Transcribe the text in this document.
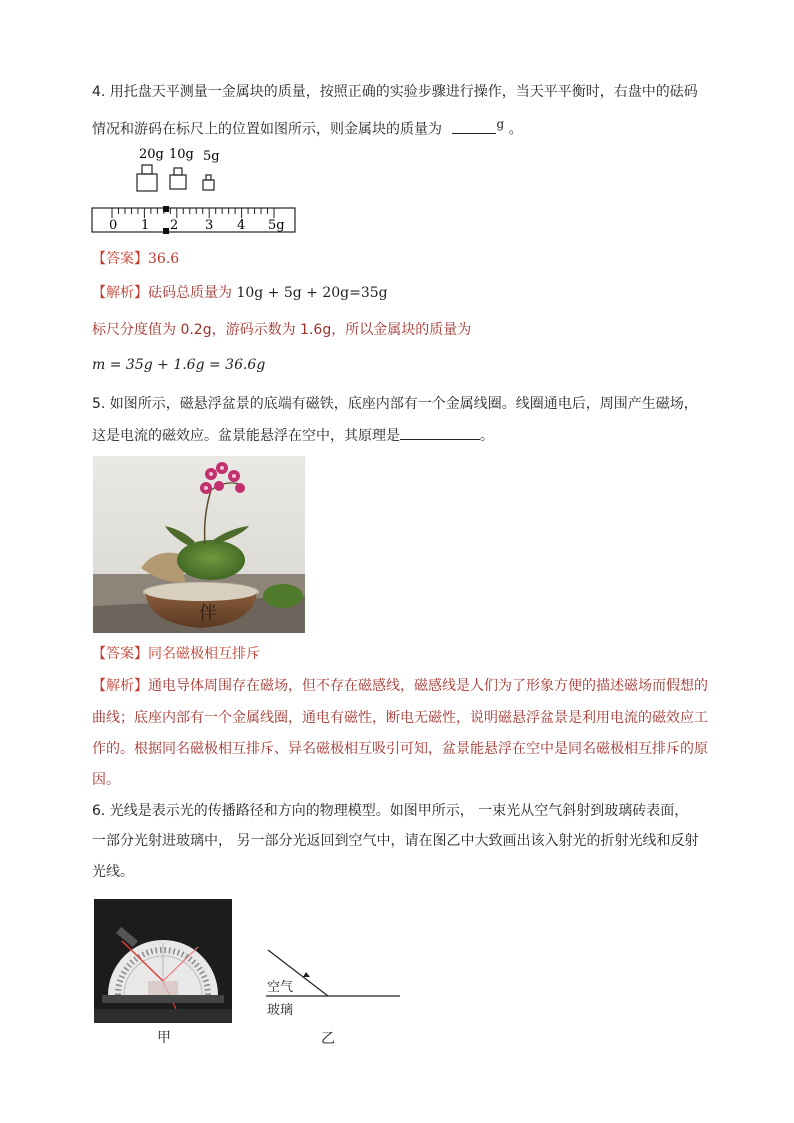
4. 用托盘天平测量一金属块的质量，按照正确的实验步骤进行操作，当天平平衡时，右盘中的砝码
情况和游码在标尺上的位置如图所示，则金属块的质量为	g 。
20g 10g 5g
0 1 2 3 4 5g
【答案】36.6
【解析】砝码总质量为 10g + 5g + 20g=35g
标尺分度值为 0.2g，游码示数为 1.6g，所以金属块的质量为
m = 35g + 1.6g = 36.6g
5. 如图所示，磁悬浮盆景的底端有磁铁，底座内部有一个金属线圈。线圈通电后，周围产生磁场，
这是电流的磁效应。盆景能悬浮在空中，其原理是	。
伴
【答案】同名磁极相互排斥
【解析】通电导体周围存在磁场，但不存在磁感线，磁感线是人们为了形象方便的描述磁场而假想的
曲线；底座内部有一个金属线圈，通电有磁性，断电无磁性，说明磁悬浮盆景是利用电流的磁效应工
作的。根据同名磁极相互排斥、异名磁极相互吸引可知，盆景能悬浮在空中是同名磁极相互排斥的原
因。
6. 光线是表示光的传播路径和方向的物理模型。如图甲所示， 一束光从空气斜射到玻璃砖表面，
一部分光射进玻璃中， 另一部分光返回到空气中，请在图乙中大致画出该入射光的折射光线和反射
光线。
甲
空气
玻璃
乙
